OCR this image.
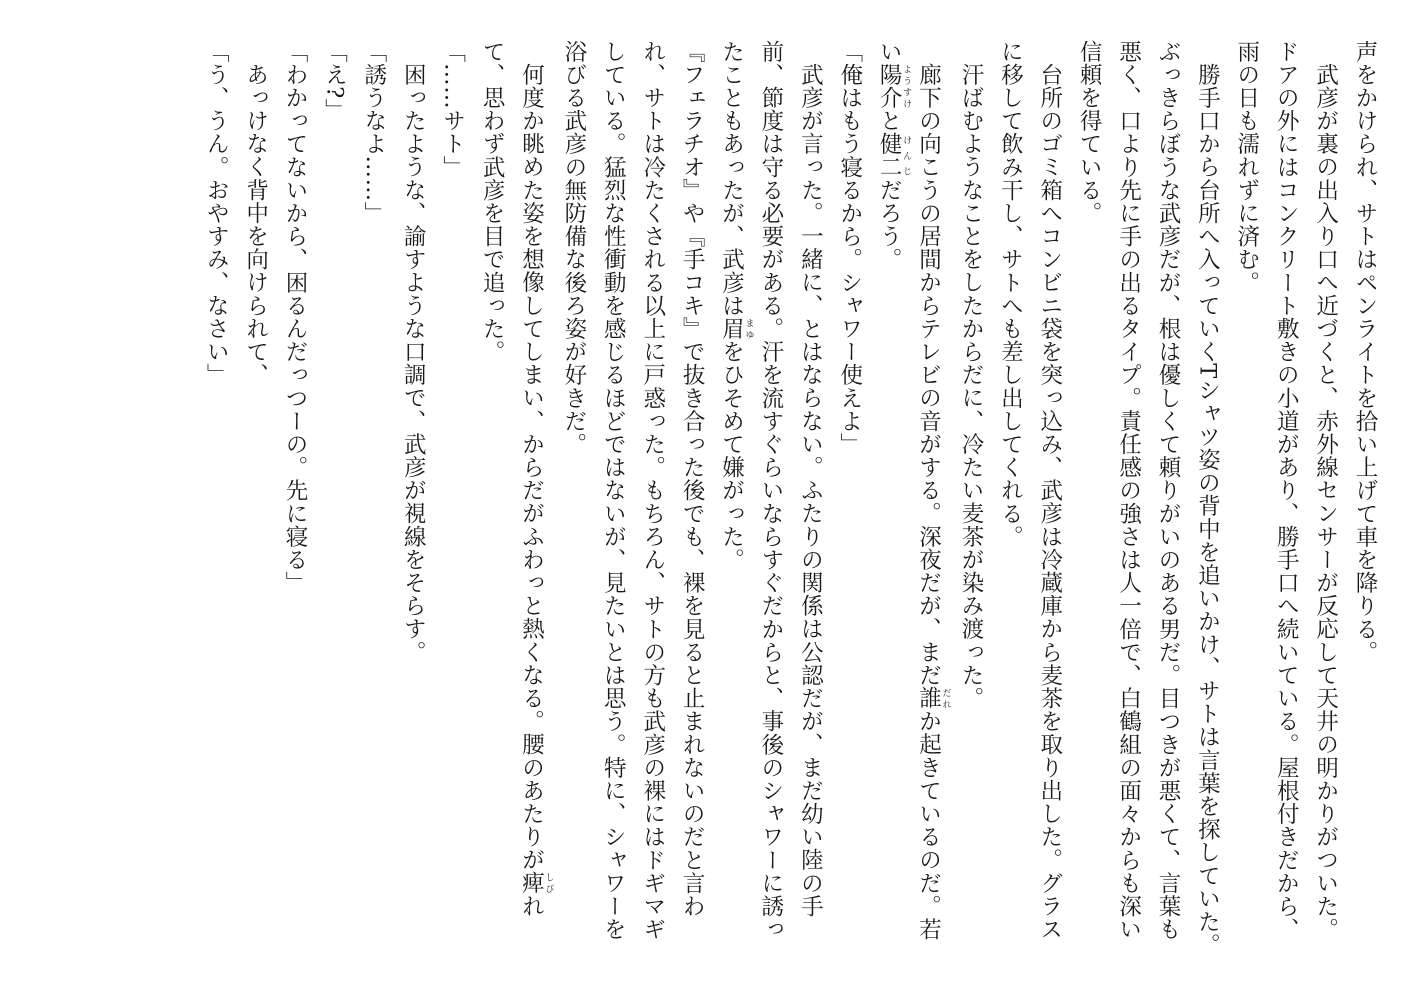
声をかけられ、サトはペンライトを拾い上げて車を降りる。

武彦が裏の出入り口へ近づくと、赤外線センサーが反応して天井の明かりがついた。ドアの外にはコンクリート敷きの小道があり、勝手口へ続いている。屋根付きだから、雨の日も濡れずに済む。

勝手口から台所へ入っていくTシャツ姿の背中を追いかけ、サトは言葉を探していた。ぶっきらぼうな武彦だが、根は優しくて頼りがいのある男だ。目つきが悪くて、言葉も悪く、口より先に手の出るタイプ。責任感の強さは人一倍で、白鶴組の面々からも深い信頼を得ている。

台所のゴミ箱へコンビニ袋を突っ込み、武彦は冷蔵庫から麦茶を取り出した。グラスに移して飲み干し、サトへも差し出してくれる。

汗ばむようなことをしたからだに、冷たい麦茶が染み渡った。

廊下の向こうの居間からテレビの音がする。深夜だが、まだ誰 だれか起きているのだ。若い陽 よう介 すけと健二 けんじだろう。

「俺はもう寝るから。シャワー使えよ」

武彦が言った。一緒に、とはならない。ふたりの関係は公認だが、まだ幼い陸の手前、節度は守る必要がある。汗を流すぐらいならすぐだからと、事後のシャワーに誘ったこともあったが、武彦は眉 まゆをひそめて嫌がった。

『フェラチオ』や『手コキ』で抜き合った後でも、裸を見ると止まれないのだと言われ、サトは冷たくされる以上に戸惑った。もちろん、サトの方も武彦の裸にはドギマギしている。猛烈な性衝動を感じるほどではないが、見たいとは思う。特に、シャワーを浴びる武彦の無防備な後ろ姿が好きだ。

何度か眺めた姿を想像してしまい、からだがふわっと熱くなる。腰のあたりが痺 しびれて、思わず武彦を目で追った。

「……サト」

困ったような、諭すような口調で、武彦が視線をそらす。

「誘うなよ……」

「え?」

「わかってないから、困るんだっつーの。先に寝る」

あっけなく背中を向けられて、

「う、うん。おやすみ、なさい」
